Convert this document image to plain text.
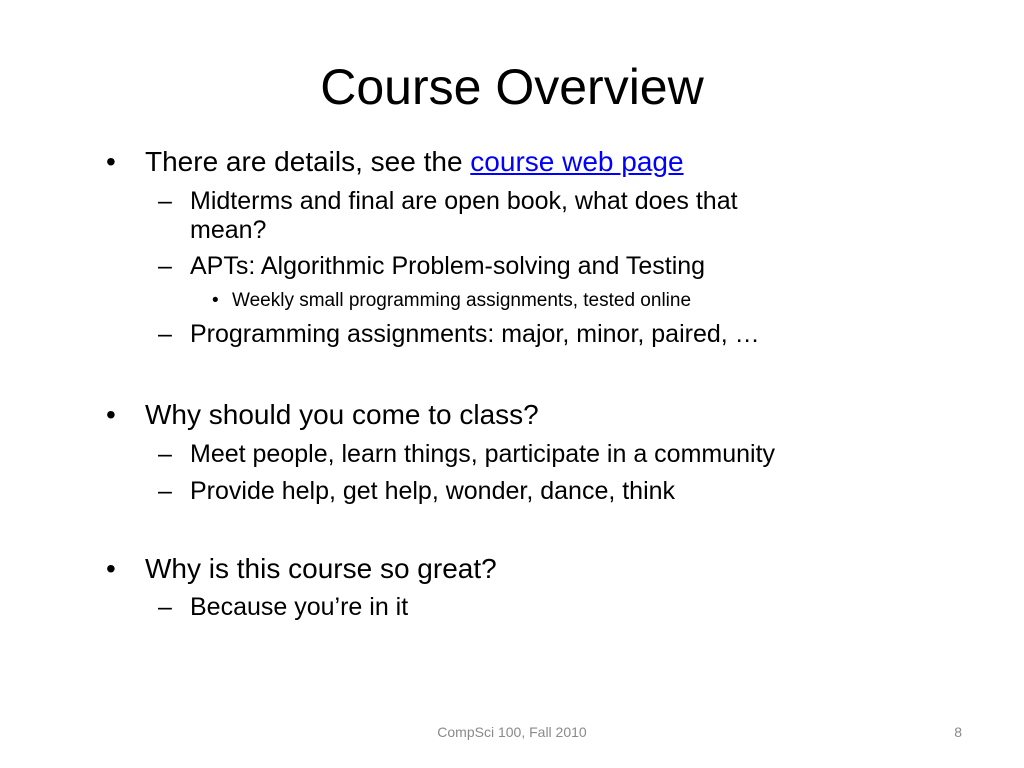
Course Overview
• There are details, see the course web page
– Midterms and final are open book, what does that
mean?
– APTs: Algorithmic Problem-solving and Testing
• Weekly small programming assignments, tested online
– Programming assignments: major, minor, paired, …
• Why should you come to class?
– Meet people, learn things, participate in a community
– Provide help, get help, wonder, dance, think
• Why is this course so great?
– Because you’re in it
CompSci 100, Fall 2010	8
